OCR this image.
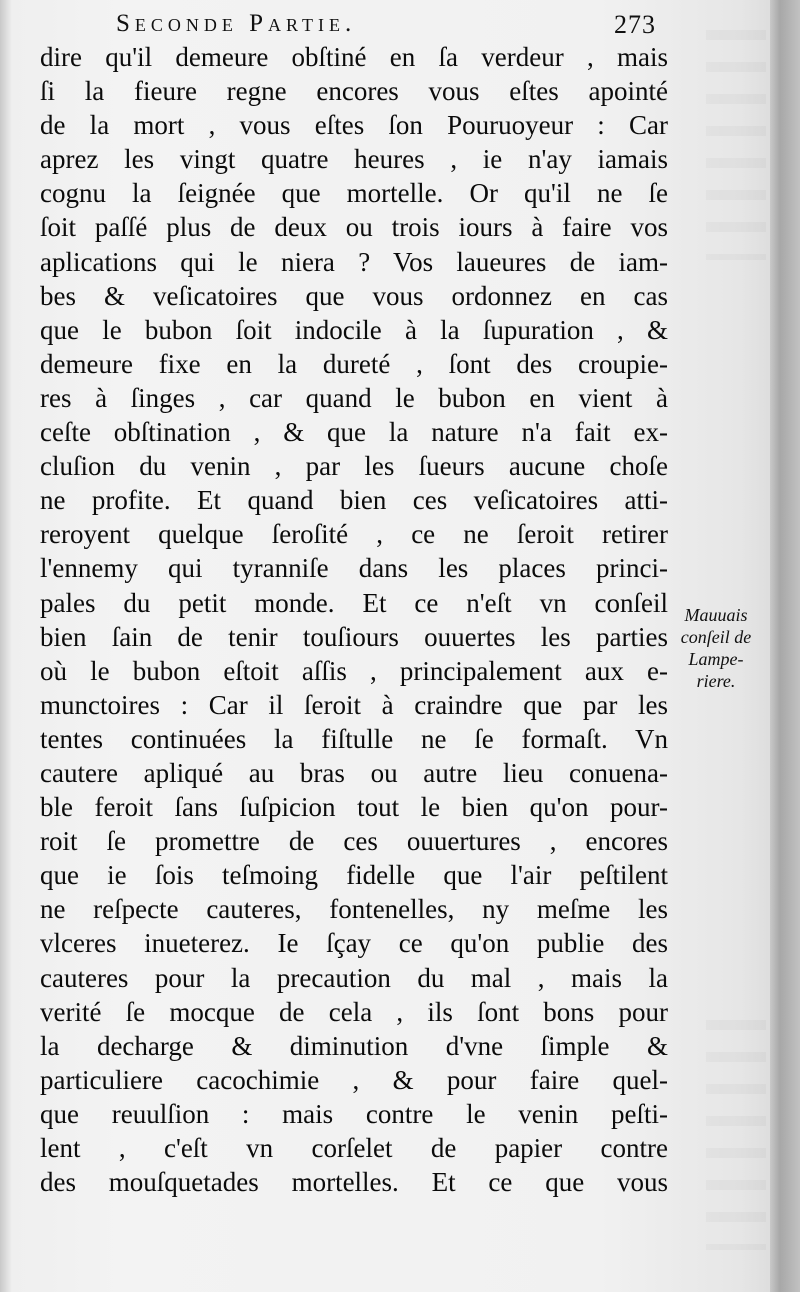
Seconde Partie.	273
dire qu'il demeure obſtiné en ſa verdeur , mais
ſi la fieure regne encores vous eſtes apointé
de la mort , vous eſtes ſon Pouruoyeur : Car
aprez les vingt quatre heures , ie n'ay iamais
cognu la ſeignée que mortelle. Or qu'il ne ſe
ſoit paſſé plus de deux ou trois iours à faire vos
aplications qui le niera ? Vos laueures de iam-
bes & veſicatoires que vous ordonnez en cas
que le bubon ſoit indocile à la ſupuration , &
demeure fixe en la dureté , ſont des croupie-
res à ſinges , car quand le bubon en vient à
ceſte obſtination , & que la nature n'a fait ex-
cluſion du venin , par les ſueurs aucune choſe
ne profite. Et quand bien ces veſicatoires atti-
reroyent quelque ſeroſité , ce ne ſeroit retirer
l'ennemy qui tyranniſe dans les places princi-
pales du petit monde. Et ce n'eſt vn conſeil
bien ſain de tenir touſiours ouuertes les parties
où le bubon eſtoit aſſis , principalement aux e-
munctoires : Car il ſeroit à craindre que par les
tentes continuées la fiſtulle ne ſe formaſt. Vn
cautere apliqué au bras ou autre lieu conuena-
ble feroit ſans ſuſpicion tout le bien qu'on pour-
roit ſe promettre de ces ouuertures , encores
que ie ſois teſmoing fidelle que l'air peſtilent
ne reſpecte cauteres, fontenelles, ny meſme les
vlceres inueterez. Ie ſçay ce qu'on publie des
cauteres pour la precaution du mal , mais la
verité ſe mocque de cela , ils ſont bons pour
la decharge & diminution d'vne ſimple &
particuliere cacochimie , & pour faire quel-
que reuulſion : mais contre le venin peſti-
lent , c'eſt vn corſelet de papier contre
des mouſquetades mortelles. Et ce que vous
Mauuais
conſeil de
Lampe-
riere.
